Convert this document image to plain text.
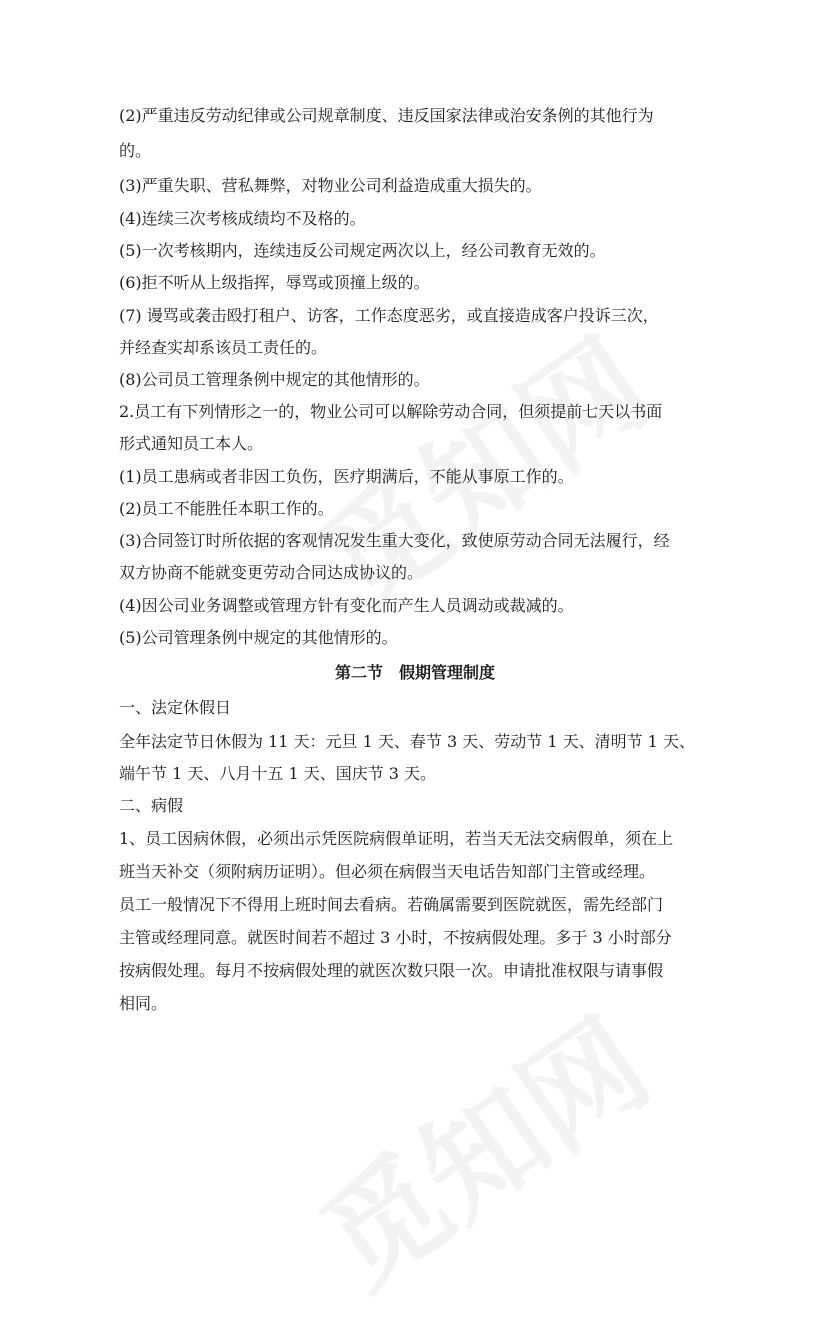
(2)严重违反劳动纪律或公司规章制度、违反国家法律或治安条例的其他行为
的。
(3)严重失职、营私舞弊，对物业公司利益造成重大损失的。
(4)连续三次考核成绩均不及格的。
(5)一次考核期内，连续违反公司规定两次以上，经公司教育无效的。
(6)拒不听从上级指挥，辱骂或顶撞上级的。
(7) 谩骂或袭击殴打租户、访客，工作态度恶劣，或直接造成客户投诉三次，
并经查实却系该员工责任的。
(8)公司员工管理条例中规定的其他情形的。
2.员工有下列情形之一的，物业公司可以解除劳动合同，但须提前七天以书面
形式通知员工本人。
(1)员工患病或者非因工负伤，医疗期满后，不能从事原工作的。
(2)员工不能胜任本职工作的。
(3)合同签订时所依据的客观情况发生重大变化，致使原劳动合同无法履行，经
双方协商不能就变更劳动合同达成协议的。
(4)因公司业务调整或管理方针有变化而产生人员调动或裁减的。
(5)公司管理条例中规定的其他情形的。
第二节　假期管理制度
一、法定休假日
全年法定节日休假为 11 天：元旦 1 天、春节 3 天、劳动节 1 天、清明节 1 天、
端午节 1 天、八月十五 1 天、国庆节 3 天。
二、病假
1、员工因病休假，必须出示凭医院病假单证明，若当天无法交病假单，须在上
班当天补交（须附病历证明）。但必须在病假当天电话告知部门主管或经理。
员工一般情况下不得用上班时间去看病。若确属需要到医院就医，需先经部门
主管或经理同意。就医时间若不超过 3 小时，不按病假处理。多于 3 小时部分
按病假处理。每月不按病假处理的就医次数只限一次。申请批准权限与请事假
相同。
